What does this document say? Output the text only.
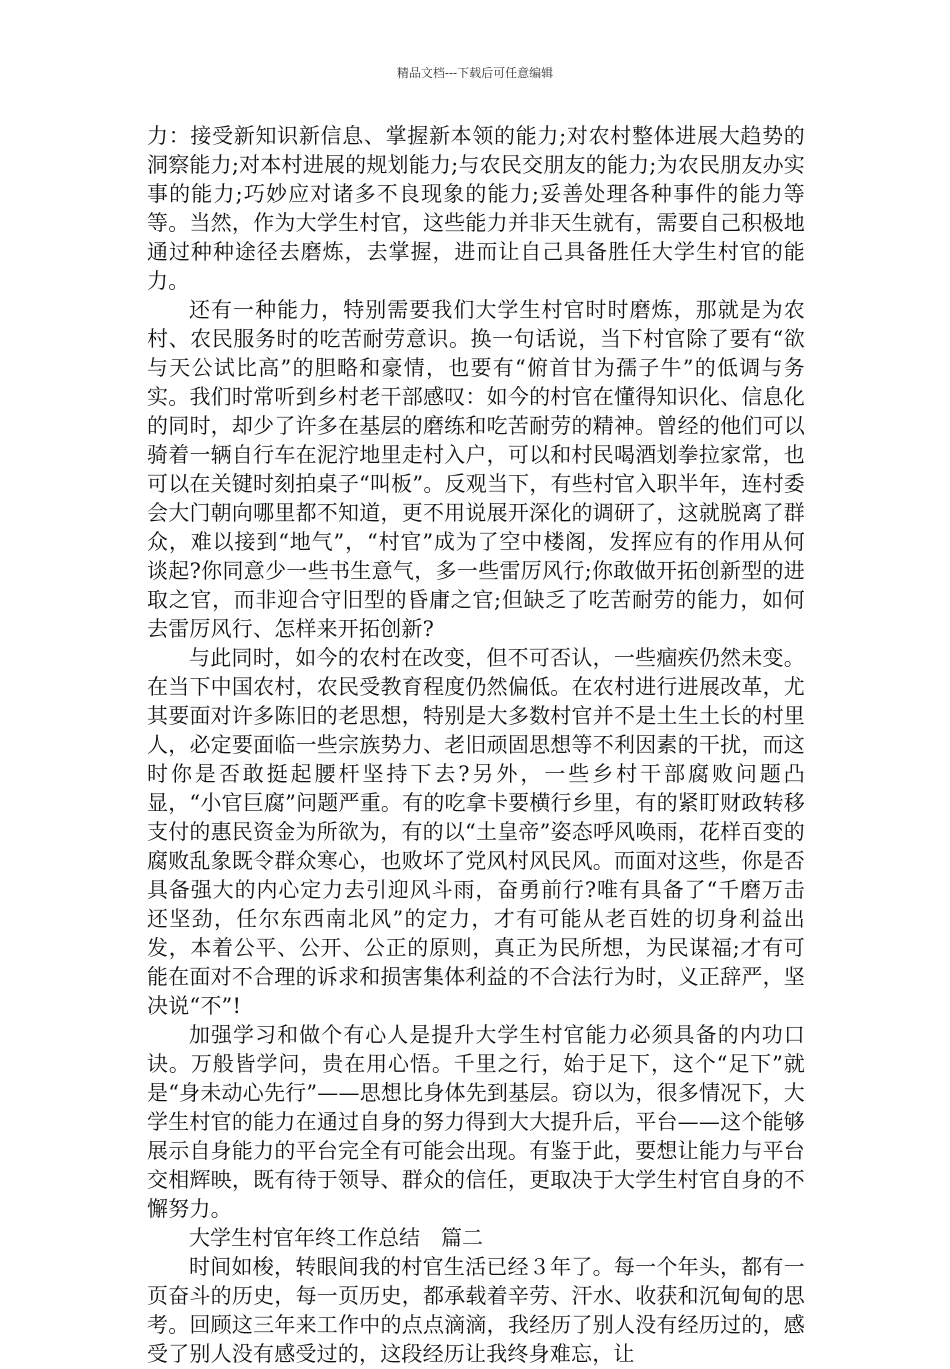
精品文档---下载后可任意编辑

力：接受新知识新信息、掌握新本领的能力;对农村整体进展大趋势的洞察能力;对本村进展的规划能力;与农民交朋友的能力;为农民朋友办实事的能力;巧妙应对诸多不良现象的能力;妥善处理各种事件的能力等等。当然，作为大学生村官，这些能力并非天生就有，需要自己积极地通过种种途径去磨炼，去掌握，进而让自己具备胜任大学生村官的能力。

还有一种能力，特别需要我们大学生村官时时磨炼，那就是为农村、农民服务时的吃苦耐劳意识。换一句话说，当下村官除了要有“欲与天公试比高”的胆略和豪情，也要有“俯首甘为孺子牛”的低调与务实。我们时常听到乡村老干部感叹：如今的村官在懂得知识化、信息化的同时，却少了许多在基层的磨练和吃苦耐劳的精神。曾经的他们可以骑着一辆自行车在泥泞地里走村入户，可以和村民喝酒划拳拉家常，也可以在关键时刻拍桌子“叫板”。反观当下，有些村官入职半年，连村委会大门朝向哪里都不知道，更不用说展开深化的调研了，这就脱离了群众，难以接到“地气”，“村官”成为了空中楼阁，发挥应有的作用从何谈起?你同意少一些书生意气，多一些雷厉风行;你敢做开拓创新型的进取之官，而非迎合守旧型的昏庸之官;但缺乏了吃苦耐劳的能力，如何去雷厉风行、怎样来开拓创新?

与此同时，如今的农村在改变，但不可否认，一些痼疾仍然未变。在当下中国农村，农民受教育程度仍然偏低。在农村进行进展改革，尤其要面对许多陈旧的老思想，特别是大多数村官并不是土生土长的村里人，必定要面临一些宗族势力、老旧顽固思想等不利因素的干扰，而这时你是否敢挺起腰杆坚持下去?另外，一些乡村干部腐败问题凸显，“小官巨腐”问题严重。有的吃拿卡要横行乡里，有的紧盯财政转移支付的惠民资金为所欲为，有的以“土皇帝”姿态呼风唤雨，花样百变的腐败乱象既令群众寒心，也败坏了党风村风民风。而面对这些，你是否具备强大的内心定力去引迎风斗雨，奋勇前行?唯有具备了“千磨万击还坚劲，任尔东西南北风”的定力，才有可能从老百姓的切身利益出发，本着公平、公开、公正的原则，真正为民所想，为民谋福;才有可能在面对不合理的诉求和损害集体利益的不合法行为时，义正辞严，坚决说“不”!

加强学习和做个有心人是提升大学生村官能力必须具备的内功口诀。万般皆学问，贵在用心悟。千里之行，始于足下，这个“足下”就是“身未动心先行”——思想比身体先到基层。窃以为，很多情况下，大学生村官的能力在通过自身的努力得到大大提升后，平台——这个能够展示自身能力的平台完全有可能会出现。有鉴于此，要想让能力与平台交相辉映，既有待于领导、群众的信任，更取决于大学生村官自身的不懈努力。

大学生村官年终工作总结　篇二

时间如梭，转眼间我的村官生活已经３年了。每一个年头，都有一页奋斗的历史，每一页历史，都承载着辛劳、汗水、收获和沉甸甸的思考。回顾这三年来工作中的点点滴滴，我经历了别人没有经历过的，感受了别人没有感受过的，这段经历让我终身难忘，让
